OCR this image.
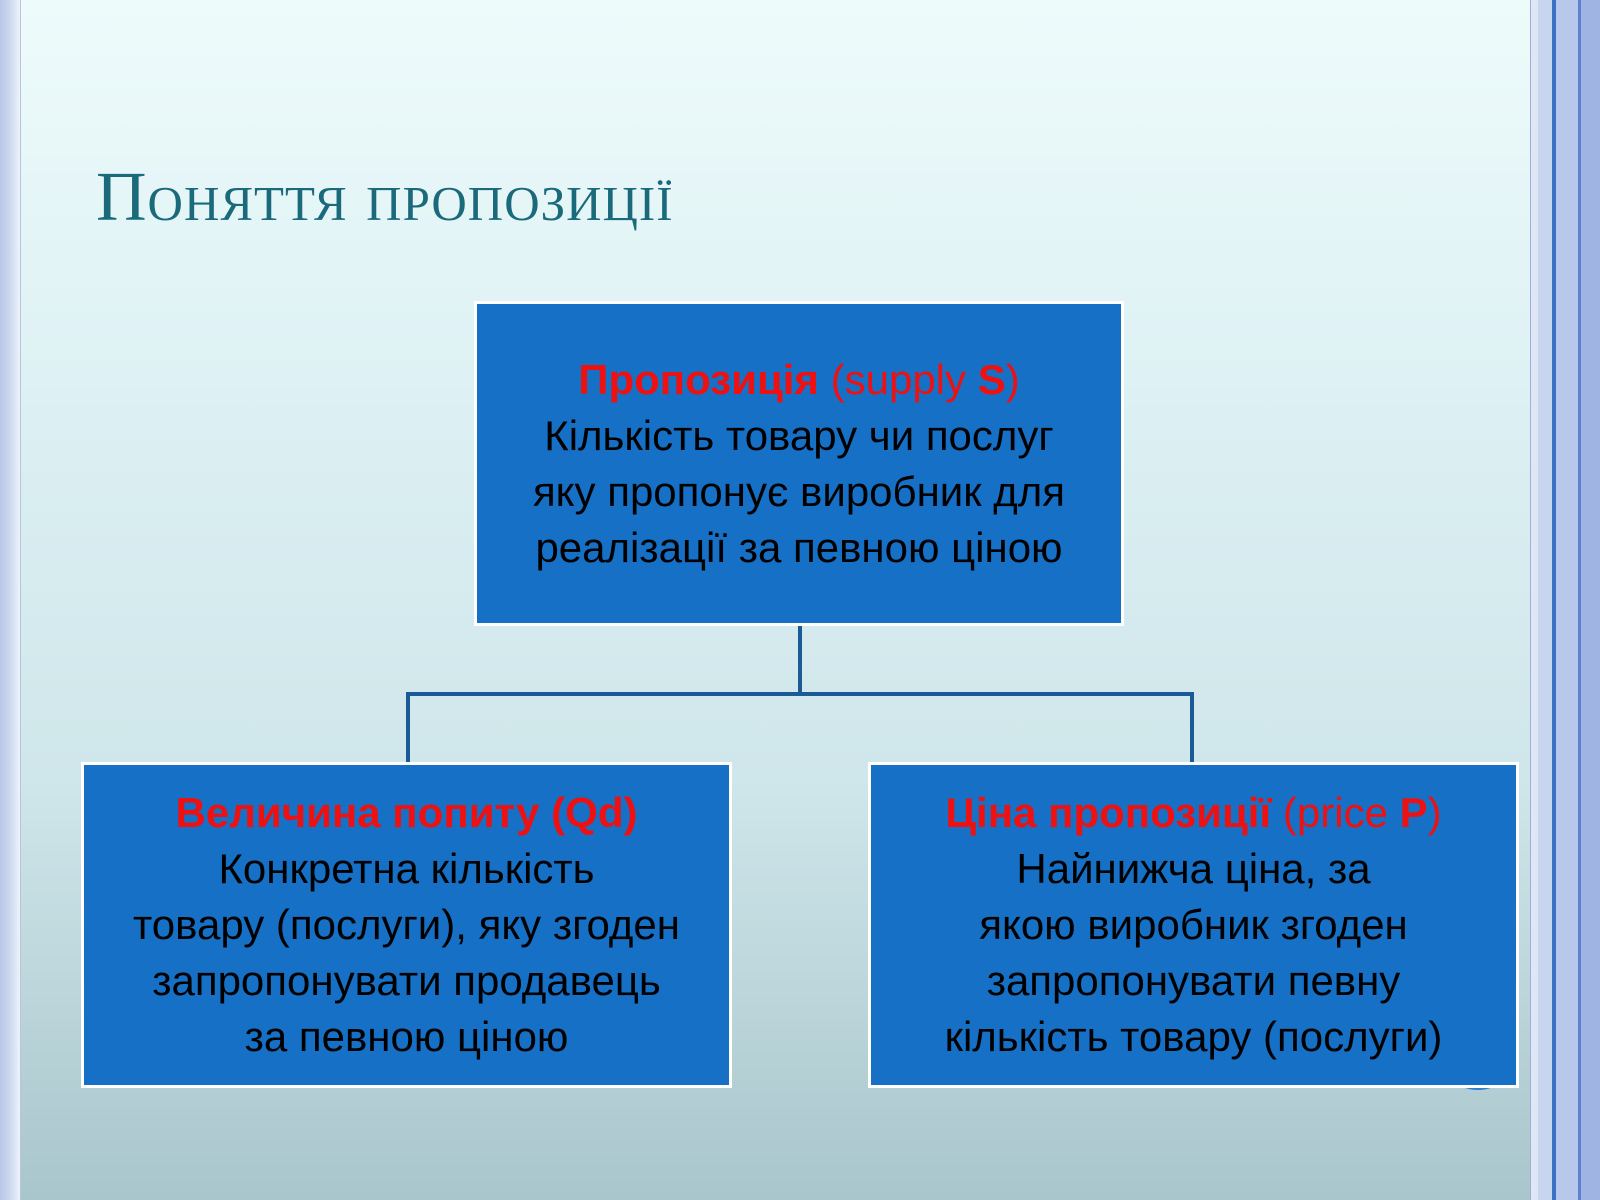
Поняття пропозиції
Пропозиція (supply S)
Кількість товару чи послуг
яку пропонує виробник для
реалізації за певною ціною
Величина попиту (Qd)
Конкретна кількість
товару (послуги), яку згоден
запропонувати продавець
за певною ціною
Ціна пропозиції (price P)
Найнижча ціна, за
якою виробник згоден
запропонувати певну
кількість товару (послуги)
